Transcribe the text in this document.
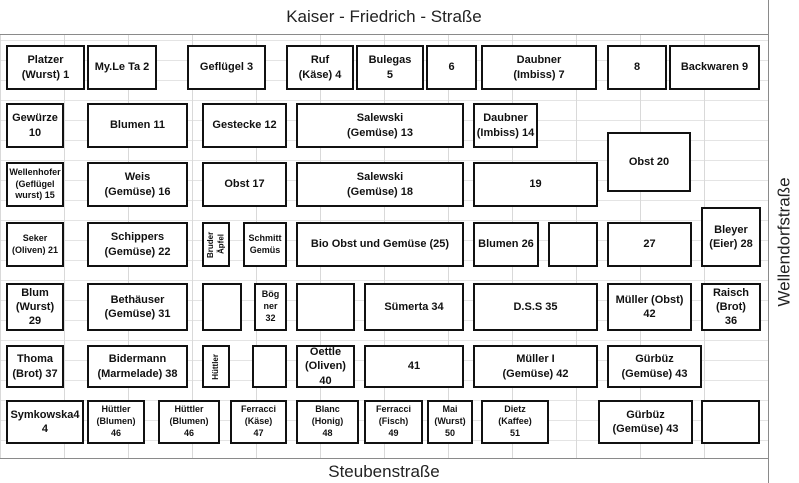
Kaiser - Friedrich - Straße
Steubenstraße
Wellendorfstraße
Platzer
(Wurst) 1
My.Le Ta 2	Geflügel 3
Ruf
(Käse) 4
Bulegas
5
6
Daubner
(Imbiss) 7
8	Backwaren 9
Gewürze
10
Blumen 11	Gestecke 12
Salewski
(Gemüse) 13
Daubner
(Imbiss) 14
Obst 20
Wellenhofer
(Geflügel
wurst) 15
Weis
(Gemüse) 16
Obst 17
Salewski
(Gemüse) 18
19
Seker
(Oliven) 21
Schippers
(Gemüse) 22	Bruder Äpfel	Schmitt
Gemüs	Bio Obst und Gemüse (25)	Blumen 26	27
Bleyer
(Eier) 28
Blum
(Wurst)
29
Bethäuser
(Gemüse) 31
Bög
ner
32
Sümerta 34	D.S.S 35
Müller (Obst)
42
Raisch
(Brot)
36
Thoma
(Brot) 37
Bidermann
(Marmelade) 38	Hüttler
Oettle
(Oliven)
40
41
Müller I
(Gemüse) 42
Gürbüz
(Gemüse) 43
Symkowska4
4
Hüttler
(Blumen)
46
Hüttler
(Blumen)
46
Ferracci
(Käse)
47
Blanc
(Honig)
48
Ferracci
(Fisch)
49
Mai
(Wurst)
50
Dietz
(Kaffee)
51
Gürbüz
(Gemüse) 43
